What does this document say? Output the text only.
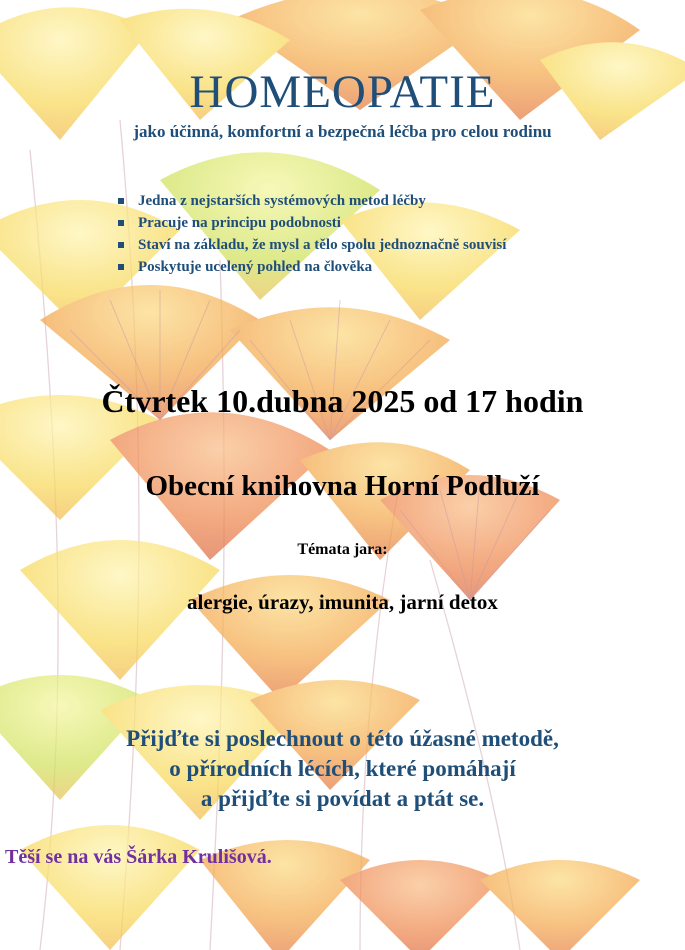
HOMEOPATIE
jako účinná, komfortní a bezpečná léčba pro celou rodinu
Jedna z nejstarších systémových metod léčby
Pracuje na principu podobnosti
Staví na základu, že mysl a tělo spolu jednoznačně souvisí
Poskytuje ucelený pohled na člověka
Čtvrtek 10.dubna 2025 od 17 hodin
Obecní knihovna Horní Podluží
Témata jara:
alergie, úrazy, imunita, jarní detox
Přijďte si poslechnout o této úžasné metodě,
o přírodních lécích, které pomáhají
a přijďte si povídat a ptát se.
Těší se na vás Šárka Krulišová.
